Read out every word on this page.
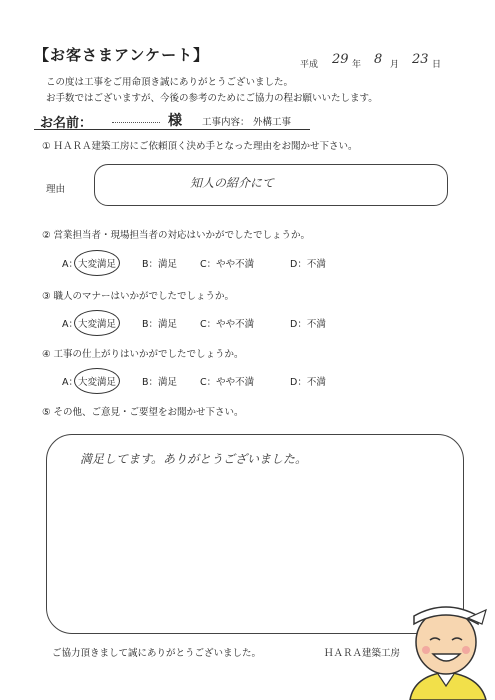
【お客さまアンケート】
平成 29 年 8 月 23 日
この度は工事をご用命頂き誠にありがとうございました。
お手数ではございますが、今後の参考のためにご協力の程お願いいたします。
お名前：	様 工事内容： 外構工事
① ＨＡＲＡ建築工房にご依頼頂く決め手となった理由をお聞かせ下さい。
理由	知人の紹介にて
② 営業担当者・現場担当者の対応はいかがでしたでしょうか。
A：大変満足	B：満足 C：やや不満	D：不満
③ 職人のマナーはいかがでしたでしょうか。
A：大変満足	B：満足 C：やや不満	D：不満
④ 工事の仕上がりはいかがでしたでしょうか。
A：大変満足	B：満足 C：やや不満	D：不満
⑤ その他、ご意見・ご要望をお聞かせ下さい。
満足してます。ありがとうございました。
ご協力頂きまして誠にありがとうございました。	ＨＡＲＡ建築工房
